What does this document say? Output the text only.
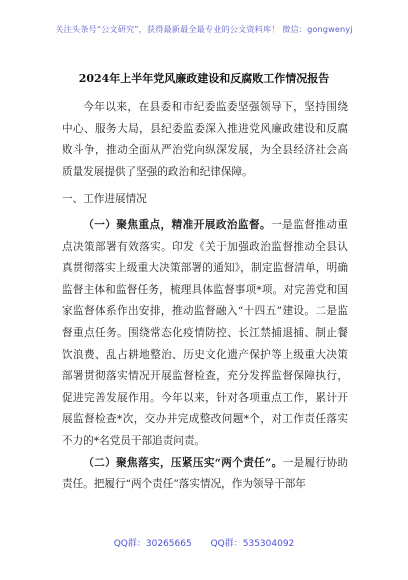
关注头条号“公文研究”，获得最新最全最专业的公文资料库！ 微信：gongwenyj
2024年上半年党风廉政建设和反腐败工作情况报告

今年以来，在县委和市纪委监委坚强领导下，坚持围绕中心、服务大局，县纪委监委深入推进党风廉政建设和反腐败斗争，推动全面从严治党向纵深发展，为全县经济社会高质量发展提供了坚强的政治和纪律保障。

一、工作进展情况

（一）聚焦重点，精准开展政治监督。一是监督推动重点决策部署有效落实。印发《关于加强政治监督推动全县认真贯彻落实上级重大决策部署的通知》，制定监督清单，明确监督主体和监督任务，梳理具体监督事项*项。对完善党和国家监督体系作出安排，推动监督融入“十四五”建设。二是监督重点任务。围绕常态化疫情防控、长江禁捕退捕、制止餐饮浪费、乱占耕地整治、历史文化遗产保护等上级重大决策部署贯彻落实情况开展监督检查，充分发挥监督保障执行，促进完善发展作用。今年以来，针对各项重点工作，累计开展监督检查*次，交办并完成整改问题*个，对工作责任落实不力的*名党员干部追责问责。

（二）聚焦落实，压紧压实“两个责任”。一是履行协助责任。把履行“两个责任”落实情况，作为领导干部年

QQ群：30265665 QQ群：535304092
